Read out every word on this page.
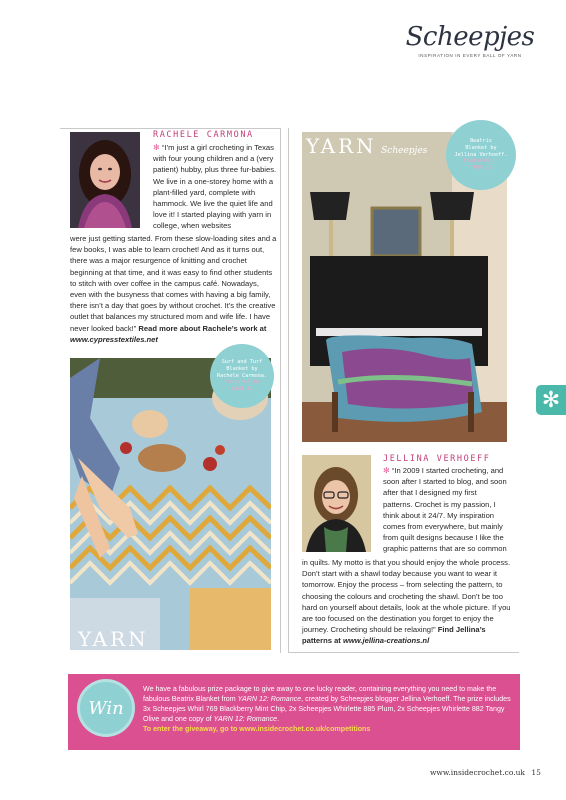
Scheepjes
INSPIRATION IN EVERY BALL OF YARN
RACHELE CARMONA
✻ “I’m just a girl crocheting in Texas with four young children and a (very patient) hubby, plus three fur-babies. We live in a one-storey home with a plant-filled yard, complete with hammock. We live the quiet life and love it! I started playing with yarn in college, when websites
were just getting started. From these slow-loading sites and a few books, I was able to learn crochet! And as it turns out, there was a major resurgence of knitting and crochet beginning at that time, and it was easy to find other students to stitch with over coffee in the campus café. Nowadays, even with the busyness that comes with having a big family, there isn’t a day that goes by without crochet. It’s the creative outlet that balances my structured mom and wife life. I have never looked back!” Read more about Rachele’s work at www.cypresstextiles.net
YARN
Surf and Turf
Blanket by
Rachele Carmona.
Featured in
YARN 11
YARN Scheepjes
Beatrix
Blanket by
Jellina Verhoeff.
Featured in
YARN 12
JELLINA VERHOEFF
✻ “In 2009 I started crocheting, and soon after I started to blog, and soon after that I designed my first patterns. Crochet is my passion, I think about it 24/7. My inspiration comes from everywhere, but mainly from quilt designs because I like the graphic patterns that are so common
in quilts. My motto is that you should enjoy the whole process. Don’t start with a shawl today because you want to wear it tomorrow. Enjoy the process – from selecting the pattern, to choosing the colours and crocheting the shawl. Don’t be too hard on yourself about details, look at the whole picture. If you are too focused on the destination you forget to enjoy the journey. Crocheting should be relaxing!” Find Jellina’s patterns at www.jellina-creations.nl
✻
Win
We have a fabulous prize package to give away to one lucky reader, containing everything you need to make the fabulous Beatrix Blanket from YARN 12: Romance, created by Scheepjes blogger Jellina Verhoeff. The prize includes 3x Scheepjes Whirl 769 Blackberry Mint Chip, 2x Scheepjes Whirlette 885 Plum, 2x Scheepjes Whirlette 882 Tangy Olive and one copy of YARN 12: Romance.
To enter the giveaway, go to www.insidecrochet.co.uk/competitions
www.insidecrochet.co.uk 15
